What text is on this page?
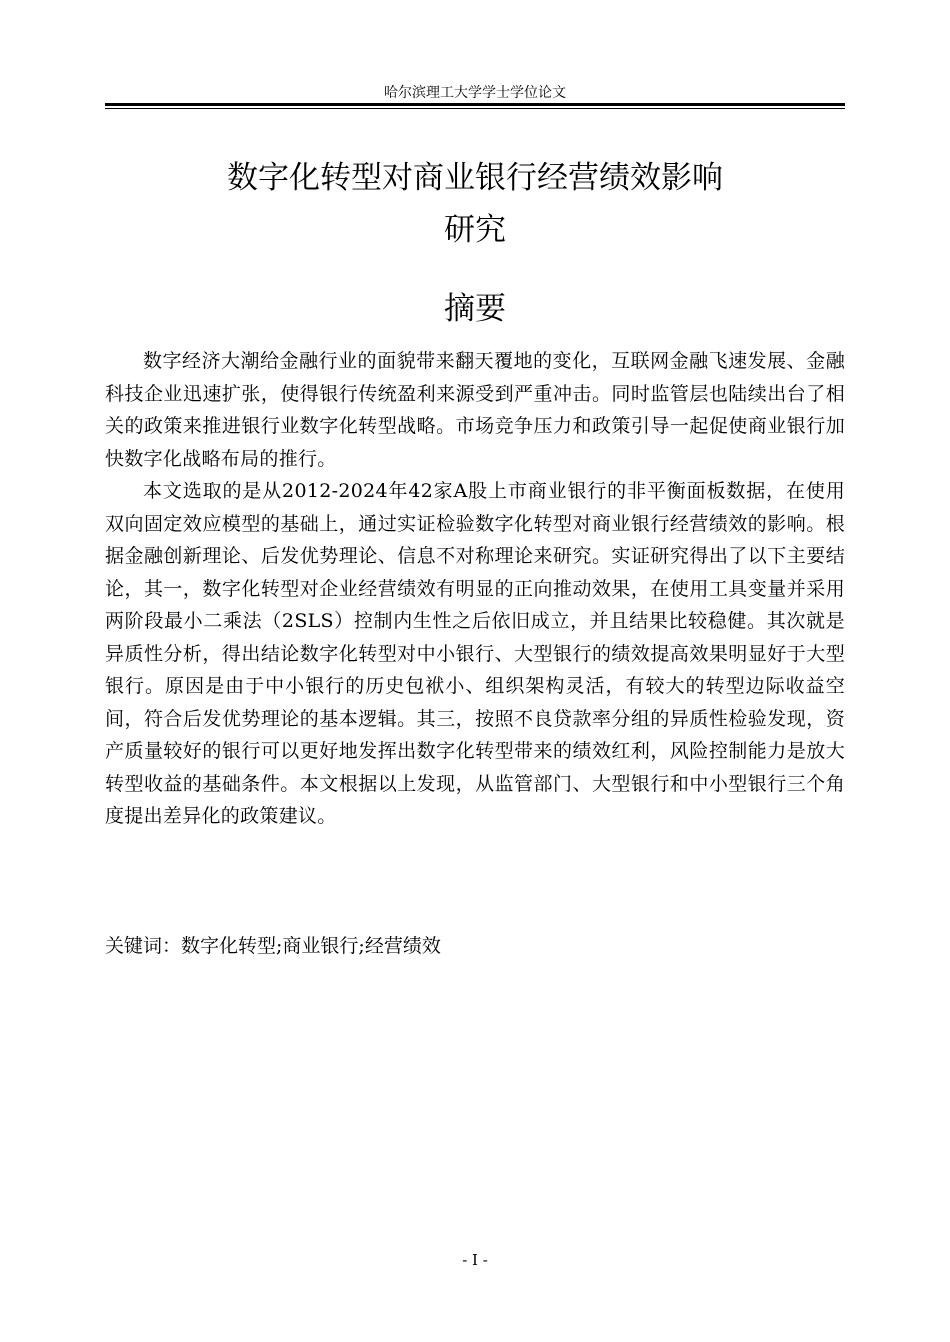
哈尔滨理工大学学士学位论文
数字化转型对商业银行经营绩效影响
研究
摘要

数字经济大潮给金融行业的面貌带来翻天覆地的变化，互联网金融飞速发展、金融科技企业迅速扩张，使得银行传统盈利来源受到严重冲击。同时监管层也陆续出台了相关的政策来推进银行业数字化转型战略。市场竞争压力和政策引导一起促使商业银行加快数字化战略布局的推行。

本文选取的是从2012-2024年42家A股上市商业银行的非平衡面板数据，在使用双向固定效应模型的基础上，通过实证检验数字化转型对商业银行经营绩效的影响。根据金融创新理论、后发优势理论、信息不对称理论来研究。实证研究得出了以下主要结论，其一，数字化转型对企业经营绩效有明显的正向推动效果，在使用工具变量并采用两阶段最小二乘法（2SLS）控制内生性之后依旧成立，并且结果比较稳健。其次就是异质性分析，得出结论数字化转型对中小银行、大型银行的绩效提高效果明显好于大型银行。原因是由于中小银行的历史包袱小、组织架构灵活，有较大的转型边际收益空间，符合后发优势理论的基本逻辑。其三，按照不良贷款率分组的异质性检验发现，资产质量较好的银行可以更好地发挥出数字化转型带来的绩效红利，风险控制能力是放大转型收益的基础条件。本文根据以上发现，从监管部门、大型银行和中小型银行三个角度提出差异化的政策建议。

关键词：数字化转型;商业银行;经营绩效
- I -
